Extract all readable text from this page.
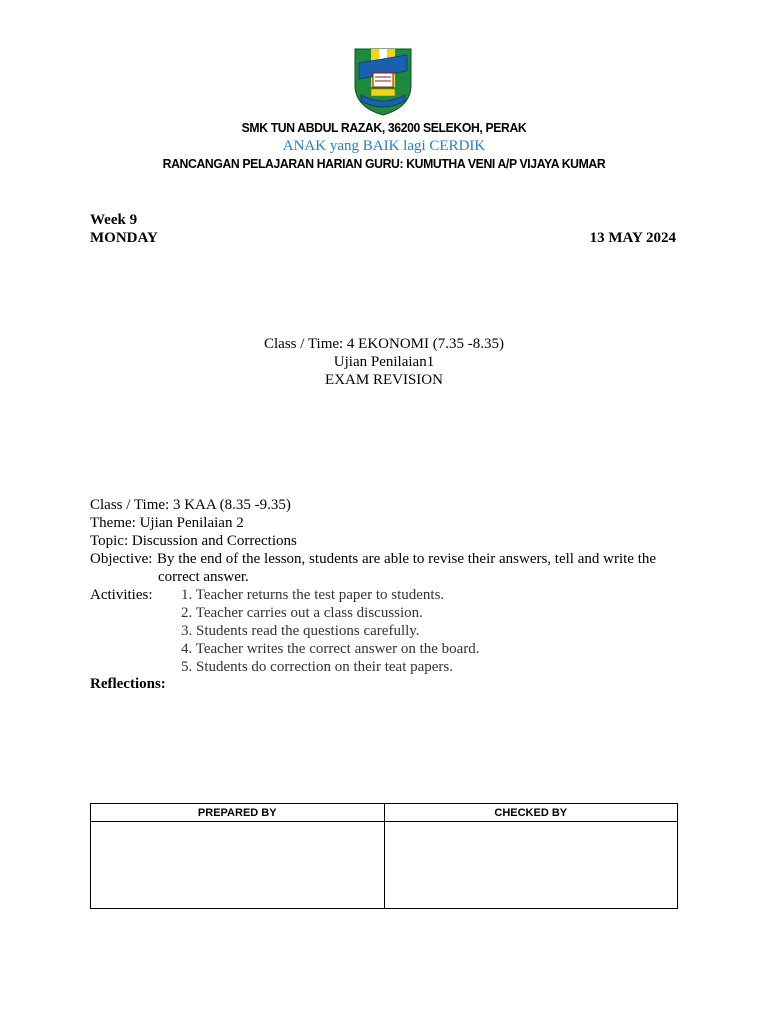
SMK TUN ABDUL RAZAK, 36200 SELEKOH, PERAK
ANAK yang BAIK lagi CERDIK
RANCANGAN PELAJARAN HARIAN GURU: KUMUTHA VENI A/P VIJAYA KUMAR
Week 9
MONDAY	13 MAY 2024
Class / Time: 4 EKONOMI (7.35 -8.35)
Ujian Penilaian1
EXAM REVISION
Class / Time: 3 KAA (8.35 -9.35)
Theme: Ujian Penilaian 2
Topic: Discussion and Corrections
Objective: By the end of the lesson, students are able to revise their answers, tell and write the
correct answer.
Activities: 1. Teacher returns the test paper to students.
2. Teacher carries out a class discussion.
3. Students read the questions carefully.
4. Teacher writes the correct answer on the board.
5. Students do correction on their teat papers.
Reflections:
PREPARED BY	CHECKED BY
